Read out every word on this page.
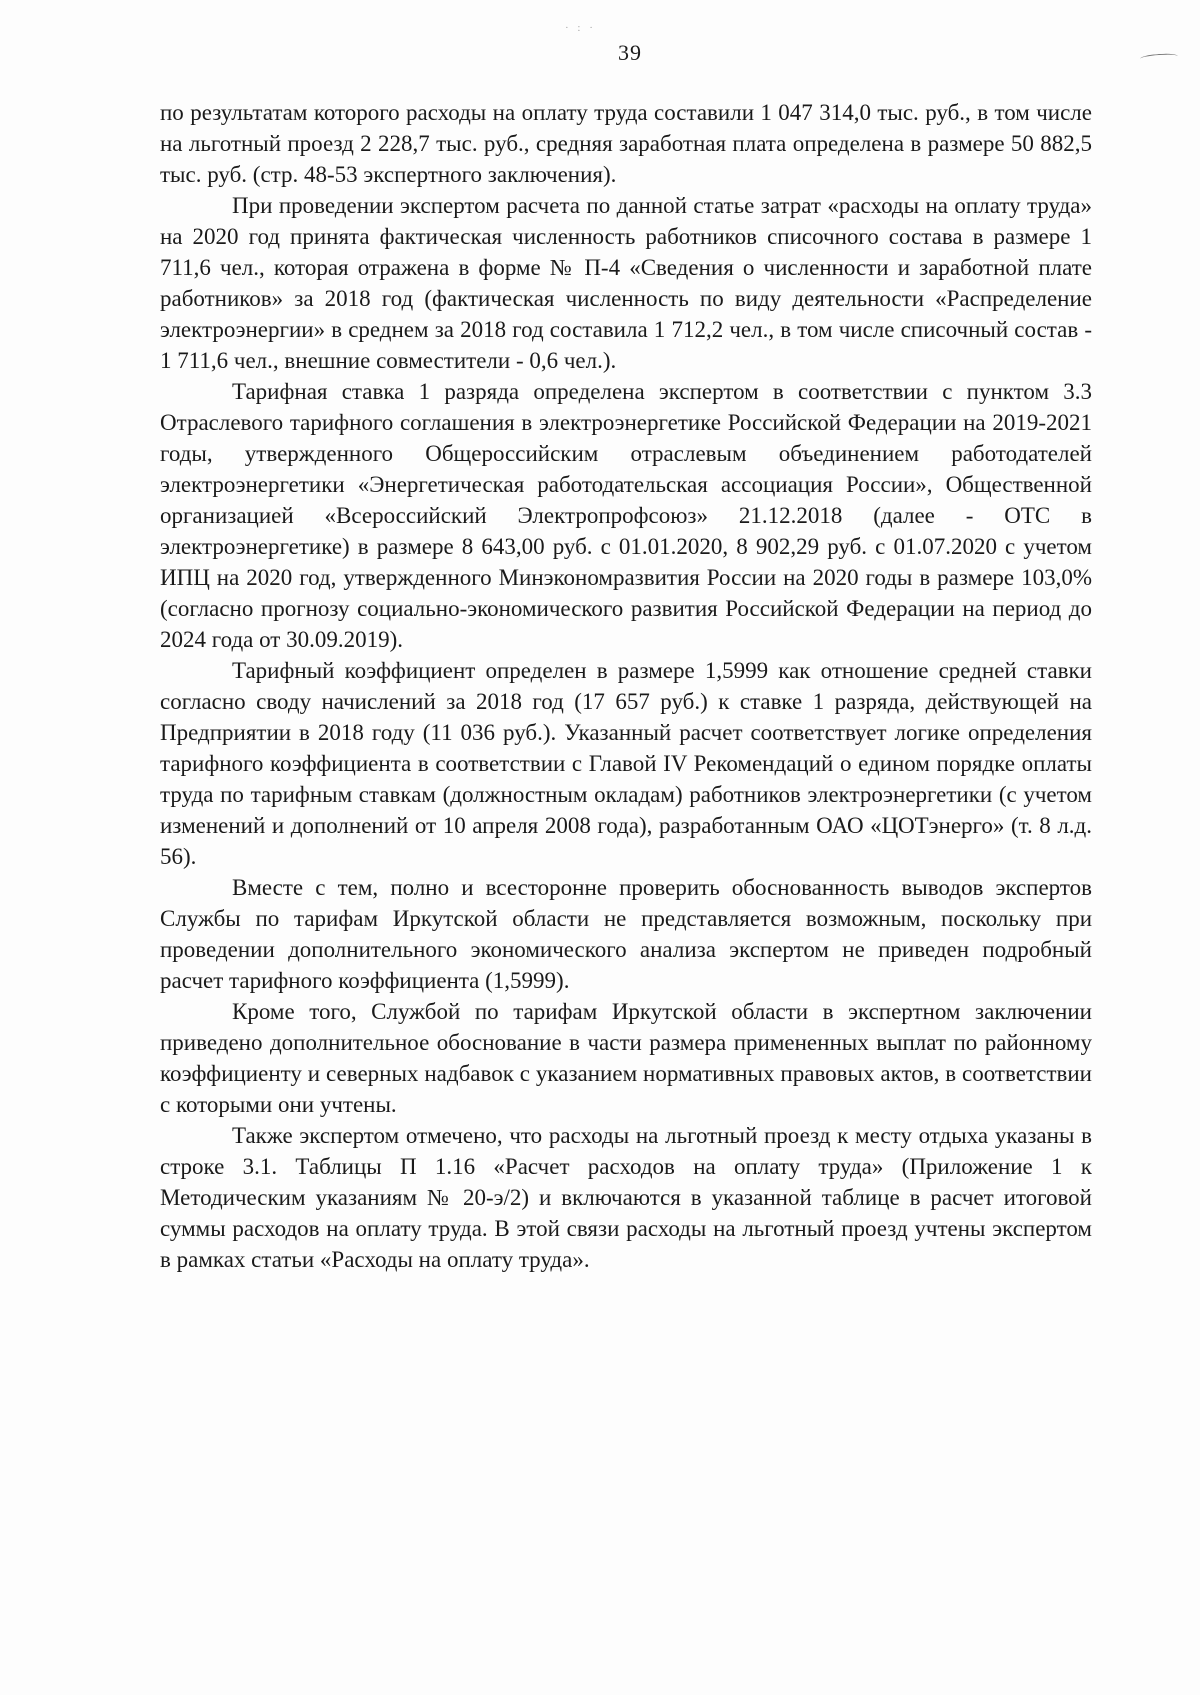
· : ·
39

по результатам которого расходы на оплату труда составили 1 047 314,0 тыс. руб., в том числе на льготный проезд 2 228,7 тыс. руб., средняя заработная плата определена в размере 50 882,5 тыс. руб. (стр. 48-53 экспертного заключения).

При проведении экспертом расчета по данной статье затрат «расходы на оплату труда» на 2020 год принята фактическая численность работников списочного состава в размере 1 711,6 чел., которая отражена в форме № П-4 «Сведения о численности и заработной плате работников» за 2018 год (фактическая численность по виду деятельности «Распределение электроэнергии» в среднем за 2018 год составила 1 712,2 чел., в том числе списочный состав - 1 711,6 чел., внешние совместители - 0,6 чел.).

Тарифная ставка 1 разряда определена экспертом в соответствии с пунктом 3.3 Отраслевого тарифного соглашения в электроэнергетике Российской Федерации на 2019-2021 годы, утвержденного Общероссийским отраслевым объединением работодателей электроэнергетики «Энергетическая работодательская ассоциация России», Общественной организацией «Всероссийский Электропрофсоюз» 21.12.2018 (далее - ОТС в электроэнергетике) в размере 8 643,00 руб. с 01.01.2020, 8 902,29 руб. с 01.07.2020 с учетом ИПЦ на 2020 год, утвержденного Минэкономразвития России на 2020 годы в размере 103,0% (согласно прогнозу социально-экономического развития Российской Федерации на период до 2024 года от 30.09.2019).

Тарифный коэффициент определен в размере 1,5999 как отношение средней ставки согласно своду начислений за 2018 год (17 657 руб.) к ставке 1 разряда, действующей на Предприятии в 2018 году (11 036 руб.). Указанный расчет соответствует логике определения тарифного коэффициента в соответствии с Главой IV Рекомендаций о едином порядке оплаты труда по тарифным ставкам (должностным окладам) работников электроэнергетики (с учетом изменений и дополнений от 10 апреля 2008 года), разработанным ОАО «ЦОТэнерго» (т. 8 л.д. 56).

Вместе с тем, полно и всесторонне проверить обоснованность выводов экспертов Службы по тарифам Иркутской области не представляется возможным, поскольку при проведении дополнительного экономического анализа экспертом не приведен подробный расчет тарифного коэффициента (1,5999).

Кроме того, Службой по тарифам Иркутской области в экспертном заключении приведено дополнительное обоснование в части размера примененных выплат по районному коэффициенту и северных надбавок с указанием нормативных правовых актов, в соответствии с которыми они учтены.

Также экспертом отмечено, что расходы на льготный проезд к месту отдыха указаны в строке 3.1. Таблицы П 1.16 «Расчет расходов на оплату труда» (Приложение 1 к Методическим указаниям № 20-э/2) и включаются в указанной таблице в расчет итоговой суммы расходов на оплату труда. В этой связи расходы на льготный проезд учтены экспертом в рамках статьи «Расходы на оплату труда».
